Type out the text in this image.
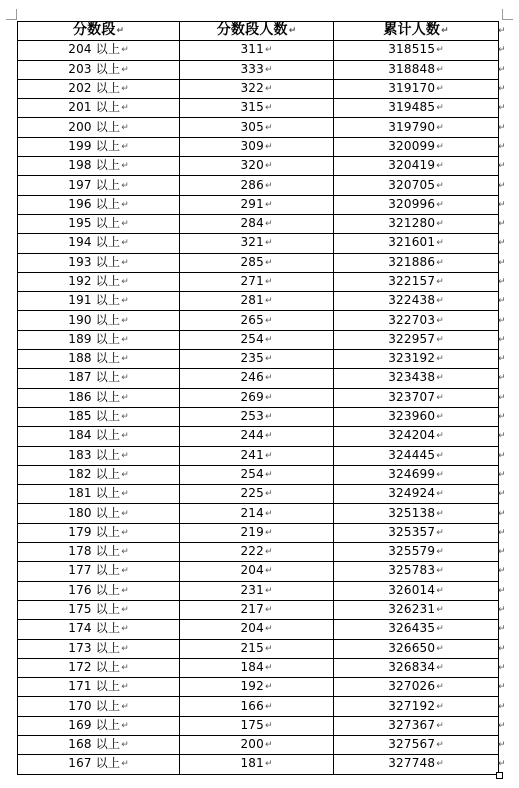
分数段↵	分数段人数↵	累计人数↵
204 以上↵	311↵	318515↵
203 以上↵	333↵	318848↵
202 以上↵	322↵	319170↵
201 以上↵	315↵	319485↵
200 以上↵	305↵	319790↵
199 以上↵	309↵	320099↵
198 以上↵	320↵	320419↵
197 以上↵	286↵	320705↵
196 以上↵	291↵	320996↵
195 以上↵	284↵	321280↵
194 以上↵	321↵	321601↵
193 以上↵	285↵	321886↵
192 以上↵	271↵	322157↵
191 以上↵	281↵	322438↵
190 以上↵	265↵	322703↵
189 以上↵	254↵	322957↵
188 以上↵	235↵	323192↵
187 以上↵	246↵	323438↵
186 以上↵	269↵	323707↵
185 以上↵	253↵	323960↵
184 以上↵	244↵	324204↵
183 以上↵	241↵	324445↵
182 以上↵	254↵	324699↵
181 以上↵	225↵	324924↵
180 以上↵	214↵	325138↵
179 以上↵	219↵	325357↵
178 以上↵	222↵	325579↵
177 以上↵	204↵	325783↵
176 以上↵	231↵	326014↵
175 以上↵	217↵	326231↵
174 以上↵	204↵	326435↵
173 以上↵	215↵	326650↵
172 以上↵	184↵	326834↵
171 以上↵	192↵	327026↵
170 以上↵	166↵	327192↵
169 以上↵	175↵	327367↵
168 以上↵	200↵	327567↵
167 以上↵	181↵	327748↵
↵
↵
↵
↵
↵
↵
↵
↵
↵
↵
↵
↵
↵
↵
↵
↵
↵
↵
↵
↵
↵
↵
↵
↵
↵
↵
↵
↵
↵
↵
↵
↵
↵
↵
↵
↵
↵
↵
↵
